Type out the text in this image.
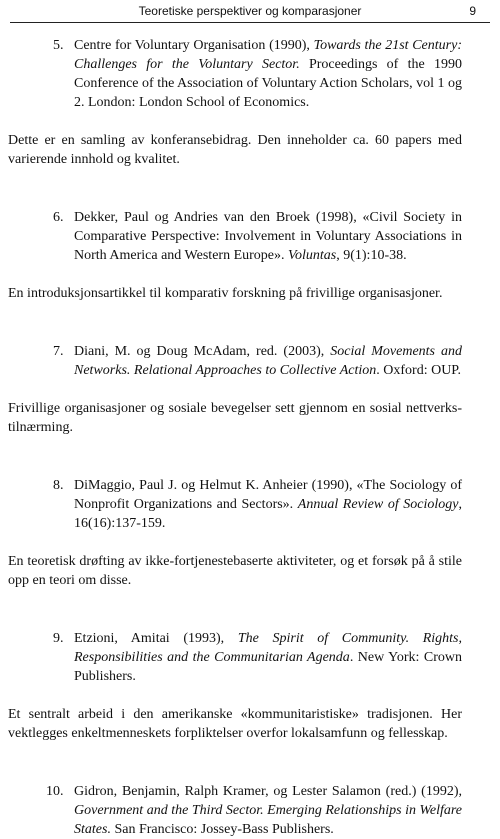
Teoretiske perspektiver og komparasjoner	9

5. Centre for Voluntary Organisation (1990), Towards the 21st Century: Challenges for the Voluntary Sector. Proceedings of the 1990 Conference of the Association of Voluntary Action Scholars, vol 1 og 2. London: London School of Economics.

Dette er en samling av konferansebidrag. Den inneholder ca. 60 papers med varierende innhold og kvalitet.

6. Dekker, Paul og Andries van den Broek (1998), «Civil Society in Comparative Perspective: Involvement in Voluntary Associations in North America and Western Europe». Voluntas, 9(1):10-38.

En introduksjonsartikkel til komparativ forskning på frivillige organisasjoner.

7. Diani, M. og Doug McAdam, red. (2003), Social Movements and Networks. Relational Approaches to Collective Action. Oxford: OUP.

Frivillige organisasjoner og sosiale bevegelser sett gjennom en sosial nettverks-tilnærming.

8. DiMaggio, Paul J. og Helmut K. Anheier (1990), «The Sociology of Nonprofit Organizations and Sectors». Annual Review of Sociology, 16(16):137-159.

En teoretisk drøfting av ikke-fortjenestebaserte aktiviteter, og et forsøk på å stile opp en teori om disse.

9. Etzioni, Amitai (1993), The Spirit of Community. Rights, Responsibilities and the Communitarian Agenda. New York: Crown Publishers.

Et sentralt arbeid i den amerikanske «kommunitaristiske» tradisjonen. Her vektlegges enkeltmenneskets forpliktelser overfor lokalsamfunn og fellesskap.

10. Gidron, Benjamin, Ralph Kramer, og Lester Salamon (red.) (1992), Government and the Third Sector. Emerging Relationships in Welfare States. San Francisco: Jossey-Bass Publishers.
